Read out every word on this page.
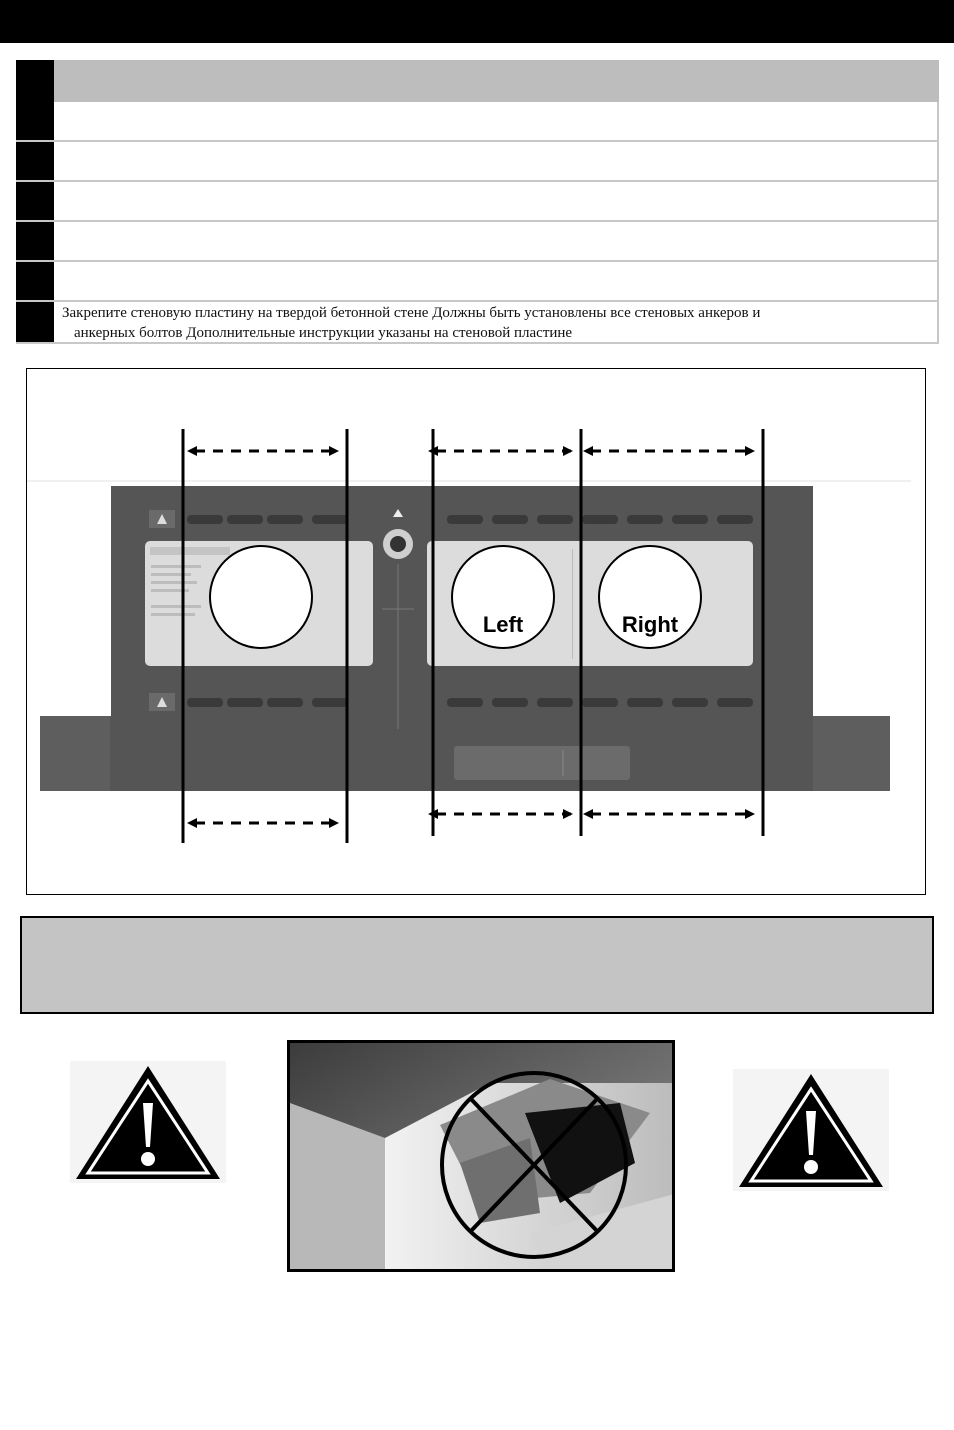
Закрепите стеновую пластину на твердой бетонной стене Должны быть установлены все стеновых анкеров и
анкерных болтов Дополнительные инструкции указаны на стеновой пластине
Left	Right
